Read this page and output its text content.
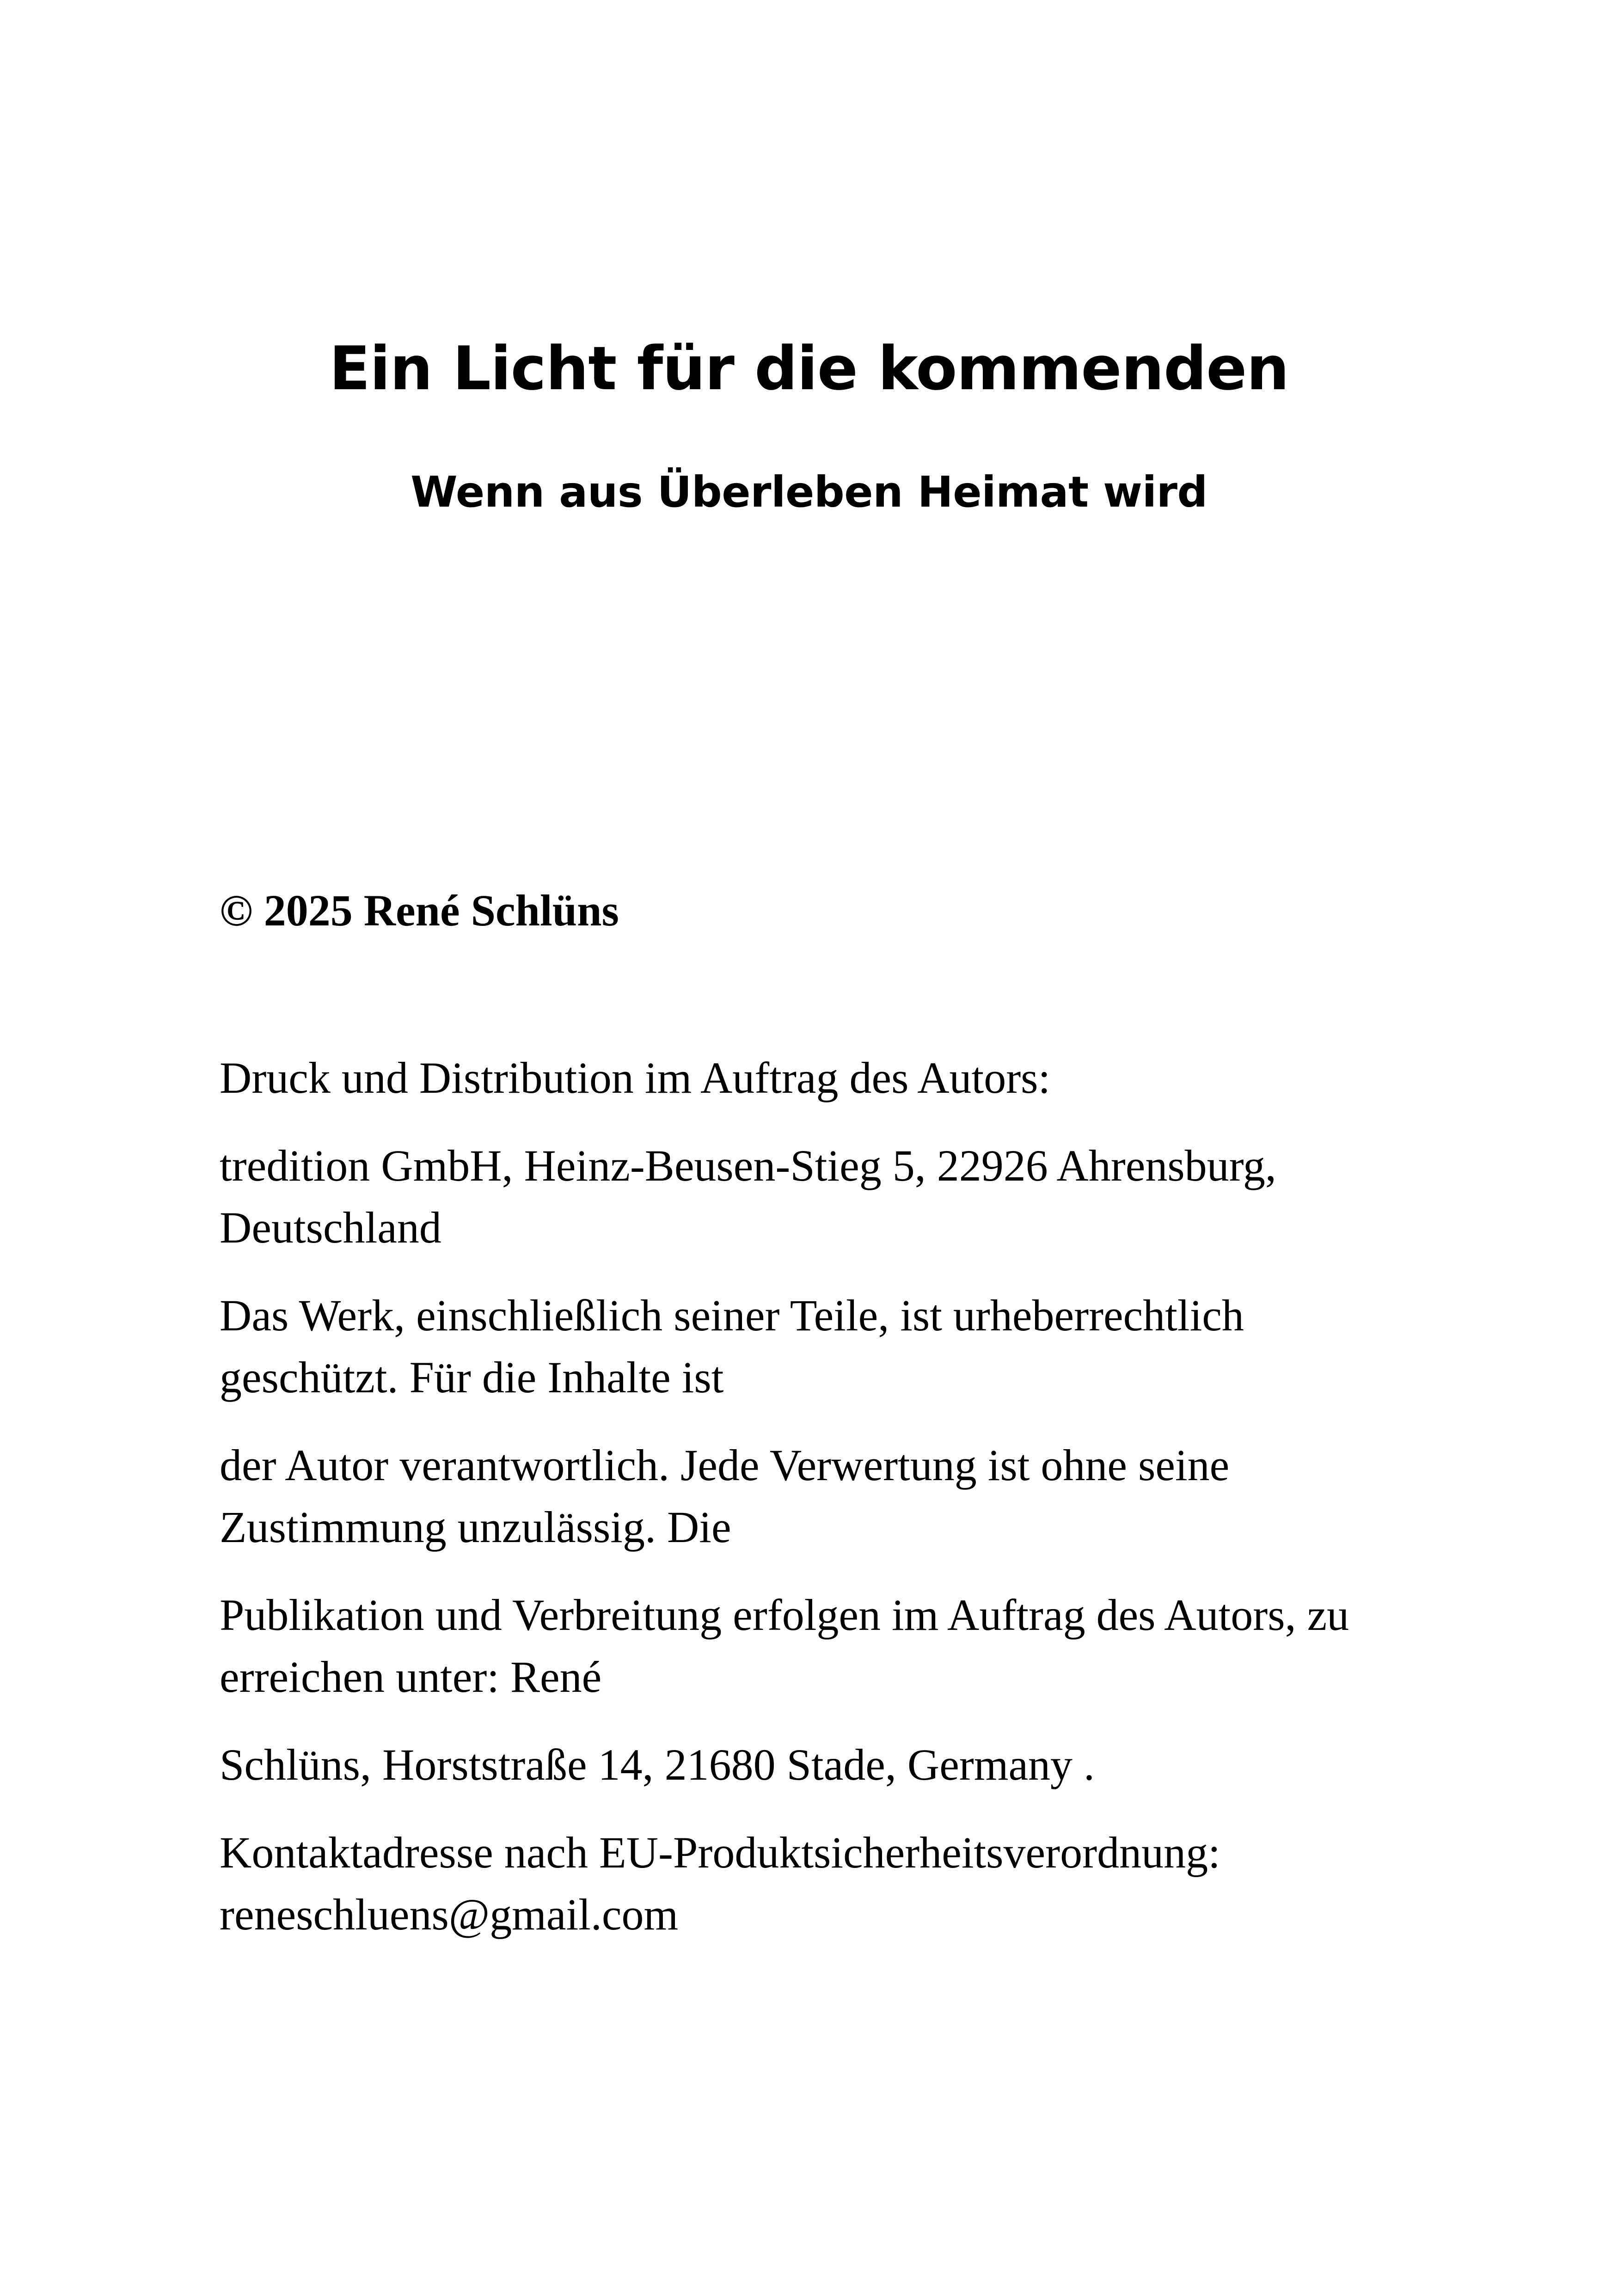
Ein Licht für die kommenden
Wenn aus Überleben Heimat wird

© 2025 René Schlüns

Druck und Distribution im Auftrag des Autors:

tredition GmbH, Heinz-Beusen-Stieg 5, 22926 Ahrensburg, Deutschland

Das Werk, einschließlich seiner Teile, ist urheberrechtlich geschützt. Für die Inhalte ist

der Autor verantwortlich. Jede Verwertung ist ohne seine Zustimmung unzulässig. Die

Publikation und Verbreitung erfolgen im Auftrag des Autors, zu erreichen unter: René

Schlüns, Horststraße 14, 21680 Stade, Germany .

Kontaktadresse nach EU-Produktsicherheitsverordnung: reneschluens@gmail.com
